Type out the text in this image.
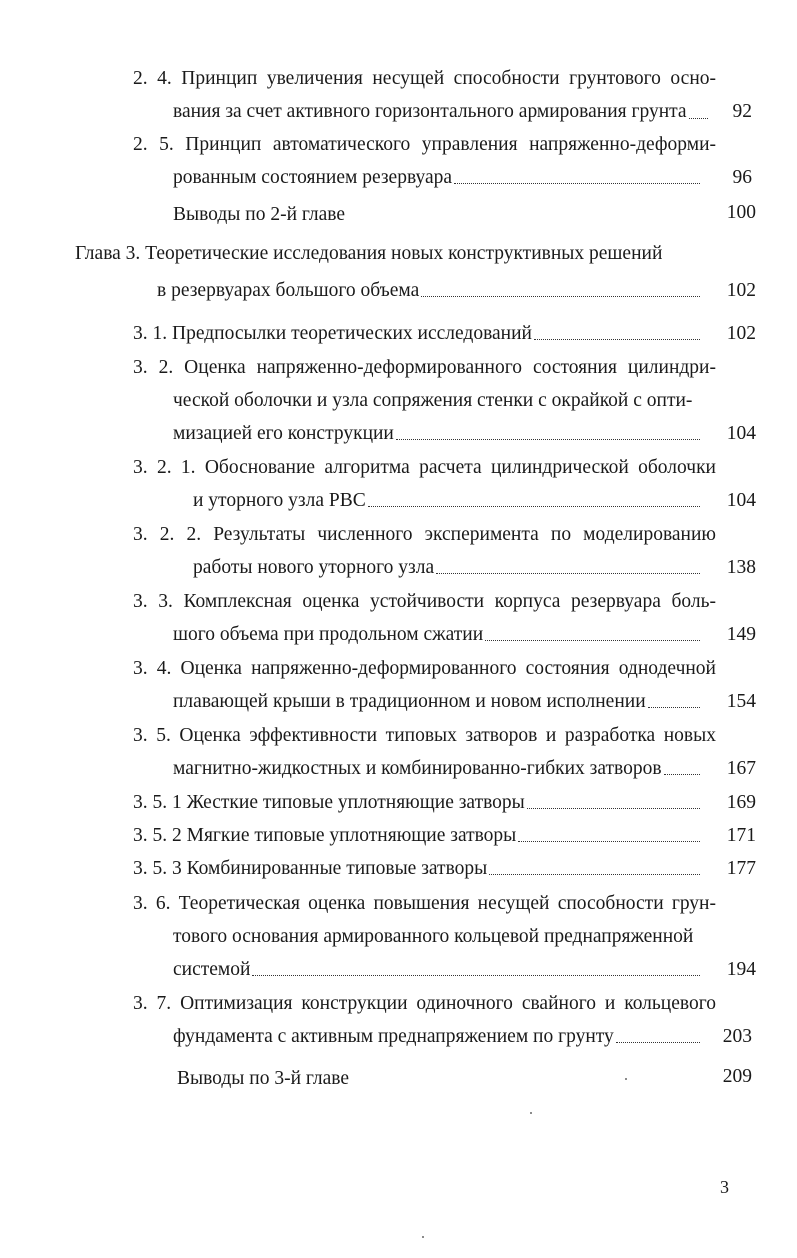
2. 4. Принцип увеличения несущей способности грунтового осно-
вания за счет активного горизонтального армирования грунта	92
2. 5. Принцип автоматического управления напряженно-деформи-
рованным состоянием резервуара	96
Выводы по 2-й главе	100
Глава 3. Теоретические исследования новых конструктивных решений
в резервуарах большого объема	102
3. 1. Предпосылки теоретических исследований	102
3. 2. Оценка напряженно-деформированного состояния цилиндри-
ческой оболочки и узла сопряжения стенки с окрайкой с опти-
мизацией его конструкции	104
3. 2. 1. Обоснование алгоритма расчета цилиндрической оболочки
и уторного узла РВС	104
3. 2. 2. Результаты численного эксперимента по моделированию
работы нового уторного узла	138
3. 3. Комплексная оценка устойчивости корпуса резервуара боль-
шого объема при продольном сжатии	149
3. 4. Оценка напряженно-деформированного состояния однодечной
плавающей крыши в традиционном и новом исполнении	154
3. 5. Оценка эффективности типовых затворов и разработка новых
магнитно-жидкостных и комбинированно-гибких затворов	167
3. 5. 1 Жесткие типовые уплотняющие затворы	169
3. 5. 2 Мягкие типовые уплотняющие затворы	171
3. 5. 3 Комбинированные типовые затворы	177
3. 6. Теоретическая оценка повышения несущей способности грун-
тового основания армированного кольцевой преднапряженной
системой	194
3. 7. Оптимизация конструкции одиночного свайного и кольцевого
фундамента с активным преднапряжением по грунту	203
Выводы по 3-й главе	209
3
